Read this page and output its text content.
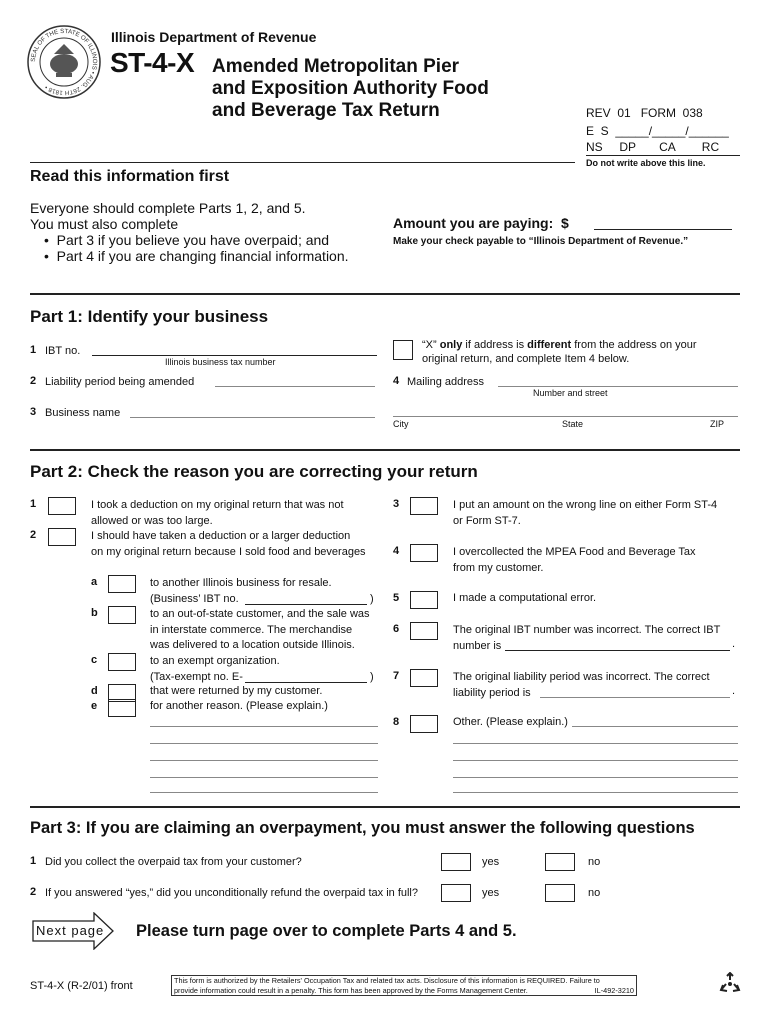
SEAL OF THE STATE OF ILLINOIS • AUG. 26TH 1818 •
Illinois Department of Revenue
ST-4-X Amended Metropolitan Pier
and Exposition Authority Food
and Beverage Tax Return	REV  01   FORM  038
E  S  _____/_____/______
NS     DP       CA        RC
Do not write above this line.
Read this information first
Everyone should complete Parts 1, 2, and 5.
You must also complete
•  Part 3 if you believe you have overpaid; and
•  Part 4 if you are changing financial information.
Amount you are paying:  $
Make your check payable to “Illinois Department of Revenue.”
Part 1: Identify your business
1 IBT no.
Illinois business tax number
2 Liability period being amended
3 Business name
“X” only if address is different from the address on your
original return, and complete Item 4 below.
4 Mailing address
Number and street
City	State	ZIP
Part 2: Check the reason you are correcting your return
1	I took a deduction on my original return that was not
allowed or was too large.
2	I should have taken a deduction or a larger deduction
on my original return because I sold food and beverages
a	to another Illinois business for resale.
(Business’ IBT no.	)
b	to an out-of-state customer, and the sale was
in interstate commerce. The merchandise
was delivered to a location outside Illinois.
c	to an exempt organization.
(Tax-exempt no. E-	)
d	that were returned by my customer.
e	for another reason. (Please explain.)
3	I put an amount on the wrong line on either Form ST-4
or Form ST-7.
4	I overcollected the MPEA Food and Beverage Tax
from my customer.
5	I made a computational error.
6	The original IBT number was incorrect. The correct IBT
number is	.
7	The original liability period was incorrect. The correct
liability period is	.
8	Other. (Please explain.)
Part 3: If you are claiming an overpayment, you must answer the following questions
1 Did you collect the overpaid tax from your customer?	yes	no
2 If you answered “yes,” did you unconditionally refund the overpaid tax in full?	yes	no
Next page Please turn page over to complete Parts 4 and 5.
ST-4-X (R-2/01) front	This form is authorized by the Retailers' Occupation Tax and related tax acts. Disclosure of this information is REQUIRED. Failure to
provide information could result in a penalty. This form has been approved by the Forms Management Center.	IL-492-3210
